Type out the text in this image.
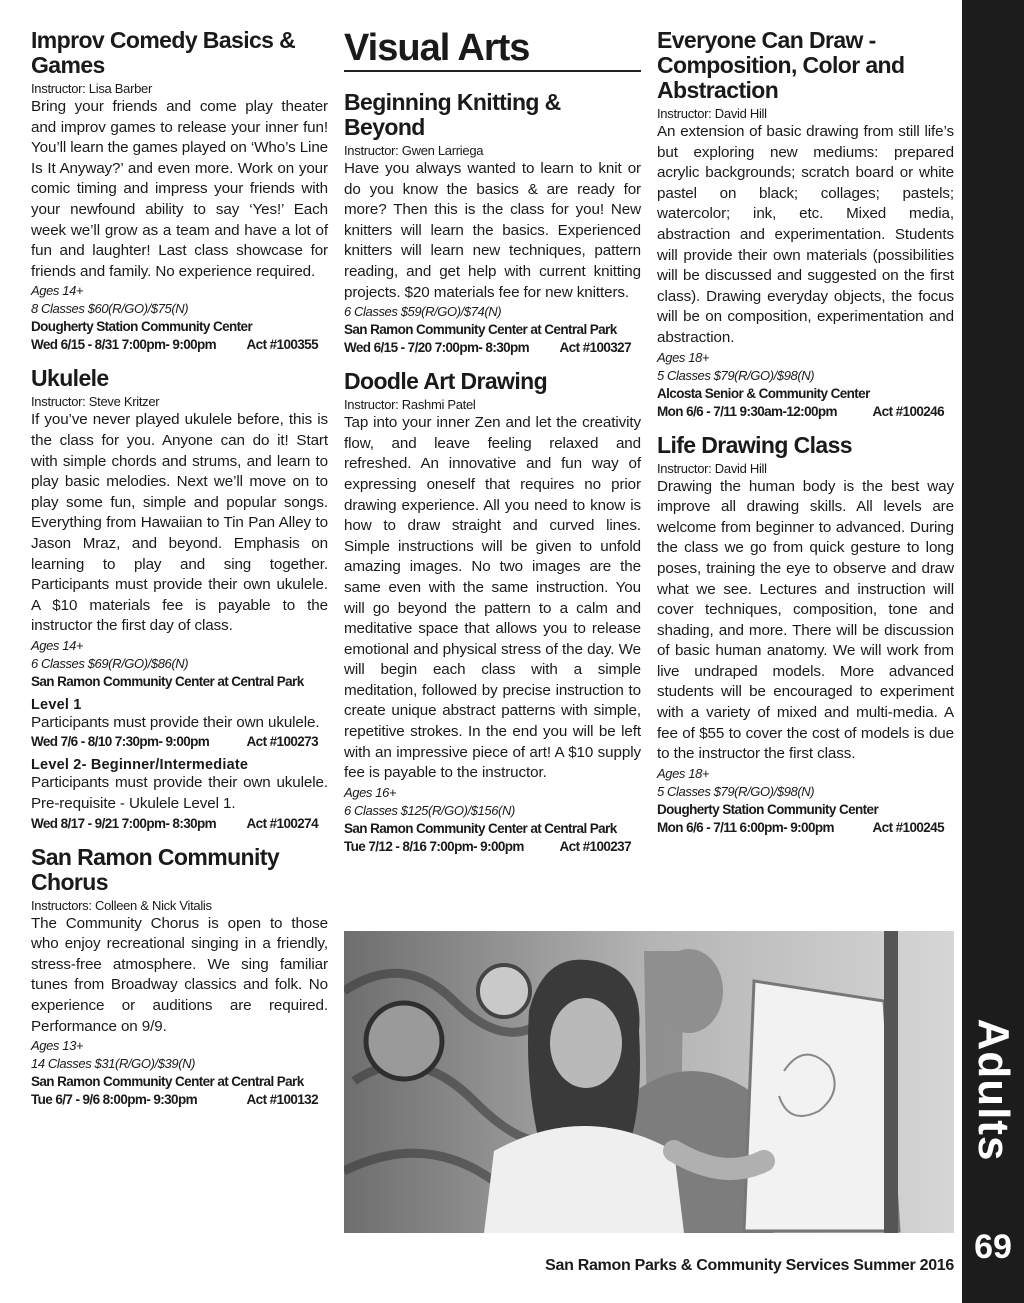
Improv Comedy Basics & Games

Instructor: Lisa Barber

Bring your friends and come play theater and improv games to release your inner fun! You’ll learn the games played on ‘Who’s Line Is It Anyway?’ and even more. Work on your comic timing and impress your friends with your newfound ability to say ‘Yes!’ Each week we’ll grow as a team and have a lot of fun and laughter! Last class showcase for friends and family. No experience required.

Ages 14+

8 Classes $60(R/GO)/$75(N)

Dougherty Station Community Center

Wed 6/15 - 8/31 7:00pm- 9:00pm Act #100355

Ukulele

Instructor: Steve Kritzer

If you’ve never played ukulele before, this is the class for you. Anyone can do it! Start with simple chords and strums, and learn to play basic melodies. Next we’ll move on to play some fun, simple and popular songs. Everything from Hawaiian to Tin Pan Alley to Jason Mraz, and beyond. Emphasis on learning to play and sing together. Participants must provide their own ukulele. A $10 materials fee is payable to the instructor the first day of class.

Ages 14+

6 Classes $69(R/GO)/$86(N)

San Ramon Community Center at Central Park

Level 1

Participants must provide their own ukulele.

Wed 7/6 - 8/10 7:30pm- 9:00pm	Act #100273

Level 2- Beginner/Intermediate

Participants must provide their own ukulele. Pre-requisite - Ukulele Level 1.

Wed 8/17 - 9/21 7:00pm- 8:30pm Act #100274

San Ramon Community Chorus

Instructors: Colleen & Nick Vitalis

The Community Chorus is open to those who enjoy recreational singing in a friendly, stress-free atmosphere. We sing familiar tunes from Broadway classics and folk. No experience or auditions are required. Performance on 9/9.

Ages 13+

14 Classes $31(R/GO)/$39(N)

San Ramon Community Center at Central Park

Tue 6/7 - 9/6 8:00pm- 9:30pm	Act #100132

Visual Arts
Beginning Knitting & Beyond

Instructor: Gwen Larriega

Have you always wanted to learn to knit or do you know the basics & are ready for more? Then this is the class for you! New knitters will learn the basics. Experienced knitters will learn new techniques, pattern reading, and get help with current knitting projects. $20 materials fee for new knitters.

6 Classes $59(R/GO)/$74(N)

San Ramon Community Center at Central Park

Wed 6/15 - 7/20 7:00pm- 8:30pm Act #100327

Doodle Art Drawing

Instructor: Rashmi Patel

Tap into your inner Zen and let the creativity flow, and leave feeling relaxed and refreshed. An innovative and fun way of expressing oneself that requires no prior drawing experience. All you need to know is how to draw straight and curved lines. Simple instructions will be given to unfold amazing images. No two images are the same even with the same instruction. You will go beyond the pattern to a calm and meditative space that allows you to release emotional and physical stress of the day. We will begin each class with a simple meditation, followed by precise instruction to create unique abstract patterns with simple, repetitive strokes. In the end you will be left with an impressive piece of art! A $10 supply fee is payable to the instructor.

Ages 16+

6 Classes $125(R/GO)/$156(N)

San Ramon Community Center at Central Park

Tue 7/12 - 8/16 7:00pm- 9:00pm	Act #100237

Everyone Can Draw - Composition, Color and Abstraction

Instructor: David Hill

An extension of basic drawing from still life’s but exploring new mediums: prepared acrylic backgrounds; scratch board or white pastel on black; collages; pastels; watercolor; ink, etc. Mixed media, abstraction and experimentation. Students will provide their own materials (possibilities will be discussed and suggested on the first class). Drawing everyday objects, the focus will be on composition, experimentation and abstraction.

Ages 18+

5 Classes $79(R/GO)/$98(N)

Alcosta Senior & Community Center

Mon 6/6 - 7/11 9:30am-12:00pm	Act #100246

Life Drawing Class

Instructor: David Hill

Drawing the human body is the best way improve all drawing skills. All levels are welcome from beginner to advanced. During the class we go from quick gesture to long poses, training the eye to observe and draw what we see. Lectures and instruction will cover techniques, composition, tone and shading, and more. There will be discussion of basic human anatomy. We will work from live undraped models. More advanced students will be encouraged to experiment with a variety of mixed and multi-media. A fee of $55 to cover the cost of models is due to the instructor the first class.

Ages 18+

5 Classes $79(R/GO)/$98(N)

Dougherty Station Community Center

Mon 6/6 - 7/11 6:00pm- 9:00pm	Act #100245

Adults
69
San Ramon Parks & Community Services Summer 2016
